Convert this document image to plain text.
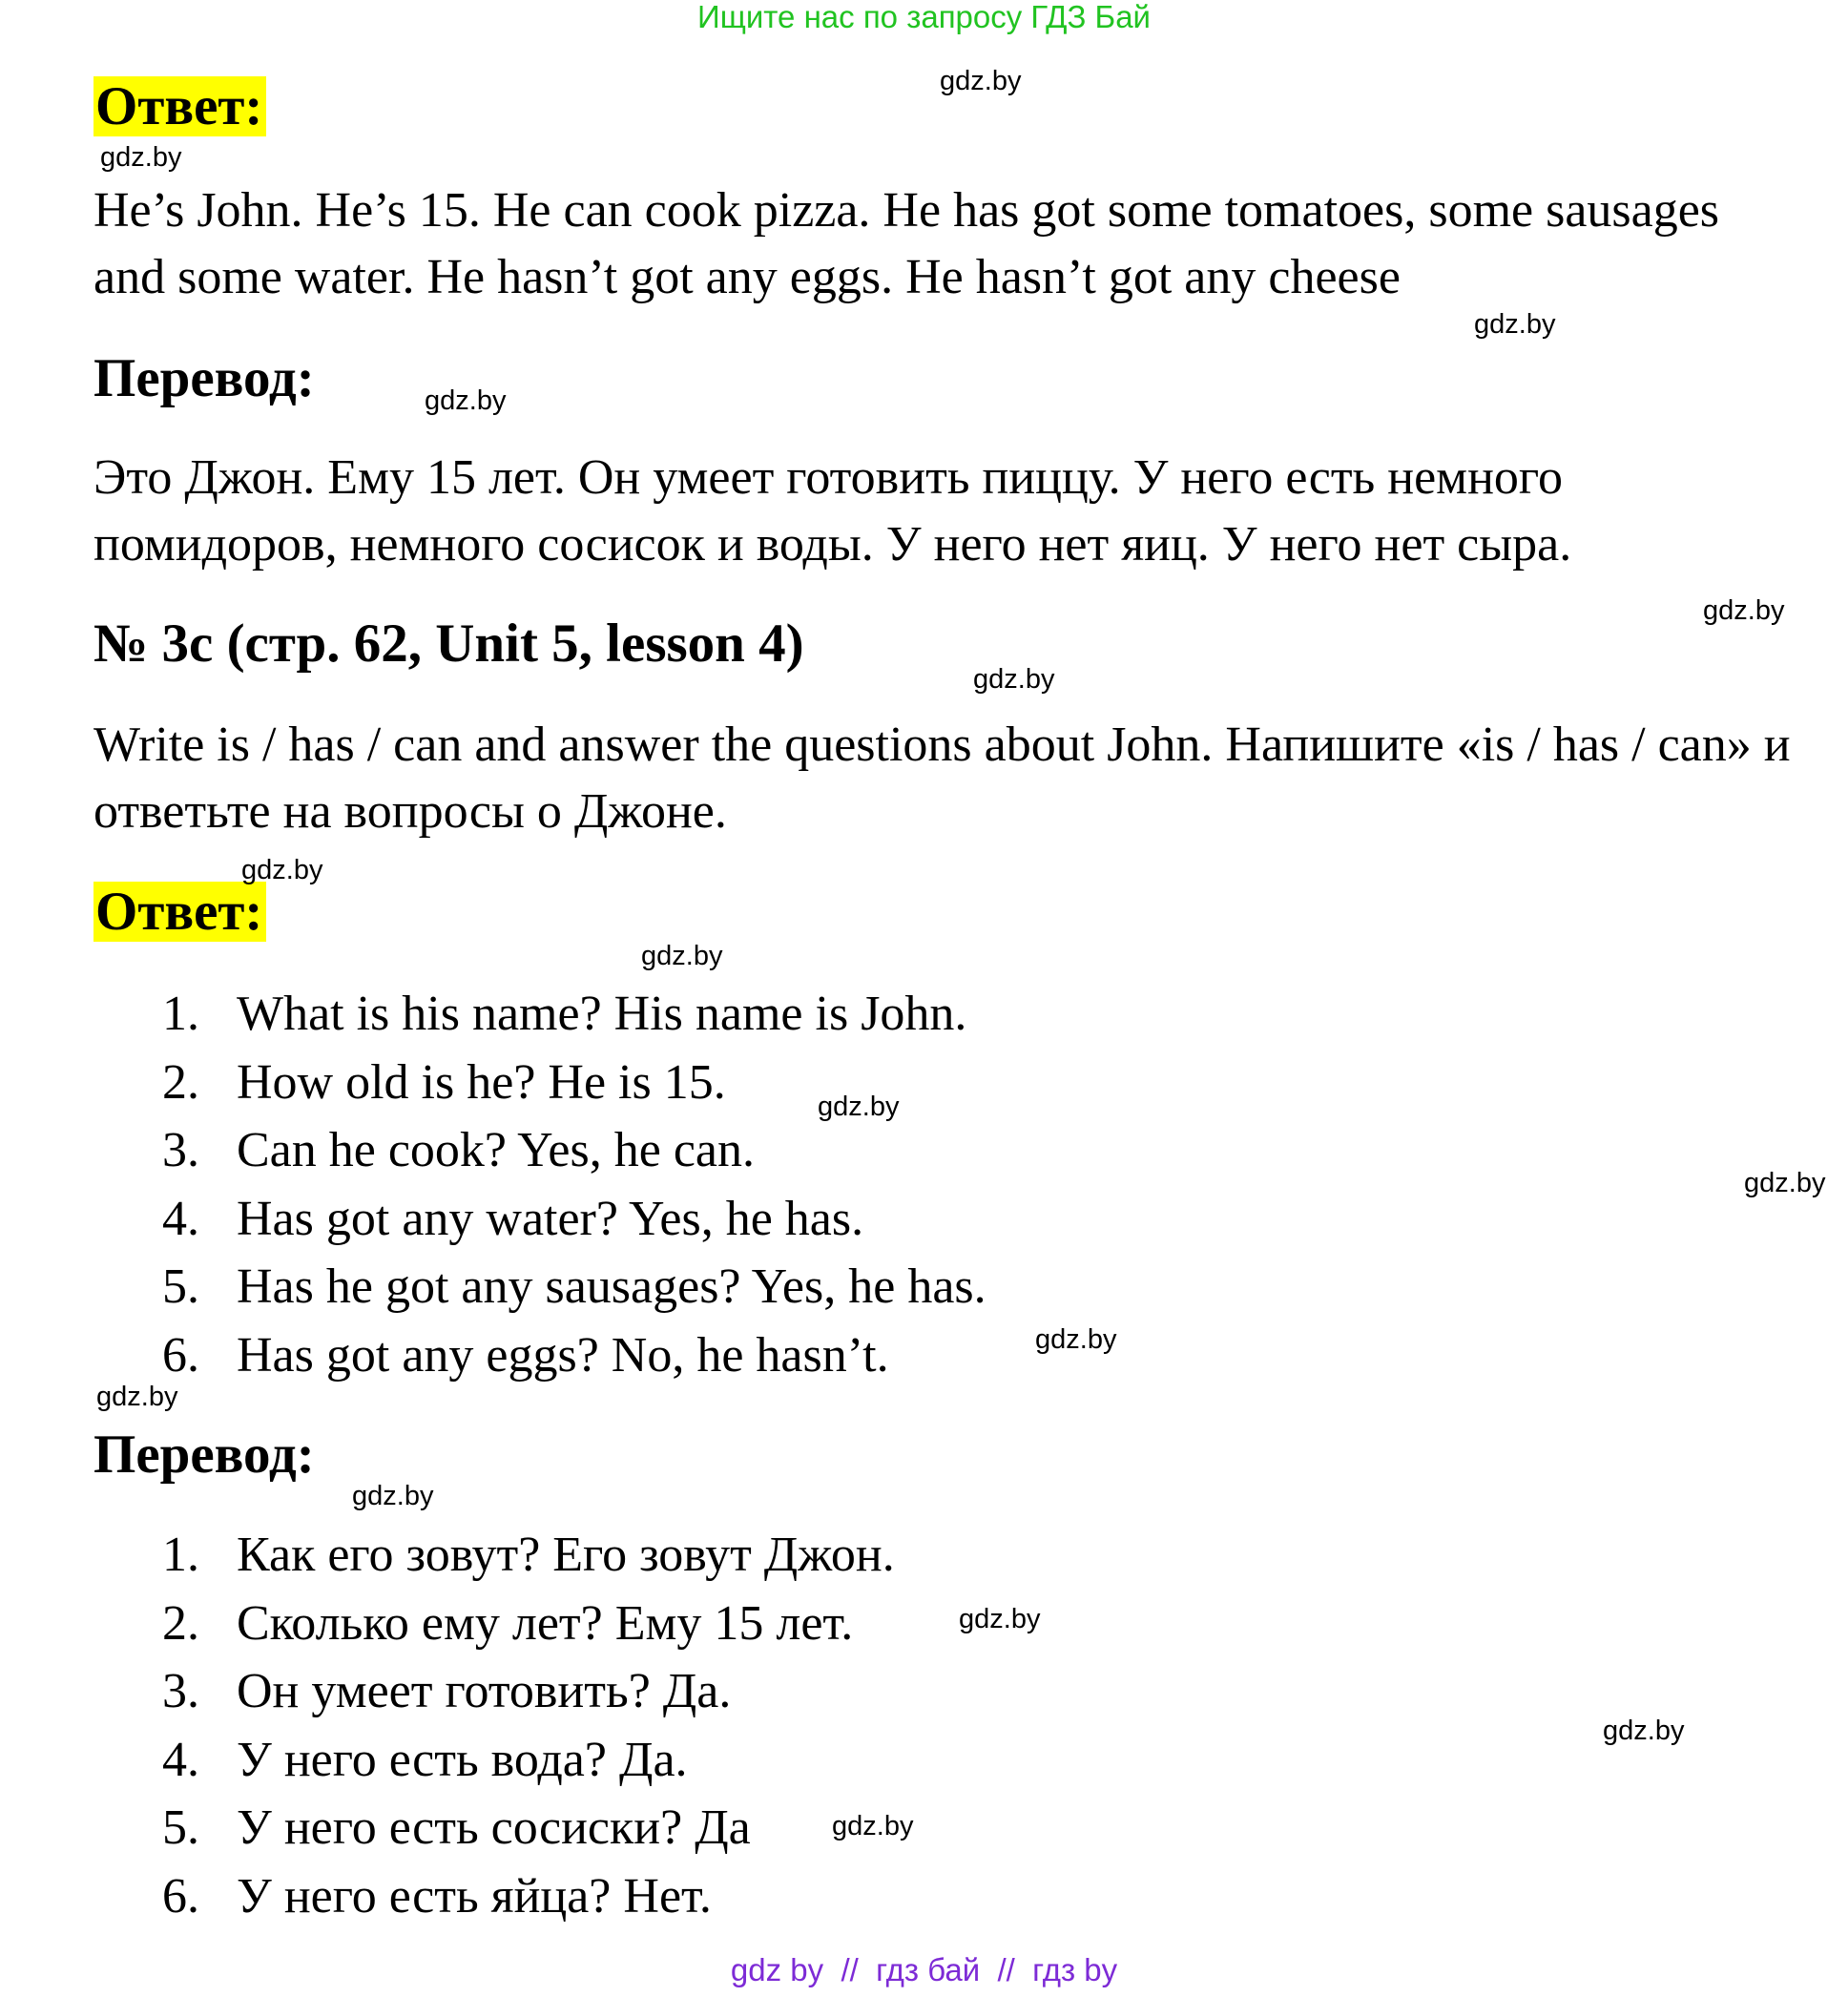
Ищите нас по запросу ГДЗ Бай
Ответ:
He’s John. He’s 15. He can cook pizza. He has got some tomatoes, some sausages and some water. He hasn’t got any eggs. He hasn’t got any cheese
Перевод:
Это Джон. Ему 15 лет. Он умеет готовить пиццу. У него есть немного помидоров, немного сосисок и воды. У него нет яиц. У него нет сыра.
№ 3c (стр. 62, Unit 5, lesson 4)
Write is / has / can and answer the questions about John. Напишите «is / has / can» и ответьте на вопросы о Джоне.
Ответ:
1. What is his name? His name is John.
2. How old is he? He is 15.
3. Can he cook? Yes, he can.
4. Has got any water? Yes, he has.
5. Has he got any sausages? Yes, he has.
6. Has got any eggs? No, he hasn’t.
Перевод:
1. Как его зовут? Его зовут Джон.
2. Сколько ему лет? Ему 15 лет.
3. Он умеет готовить? Да.
4. У него есть вода? Да.
5. У него есть сосиски? Да
6. У него есть яйца? Нет.
gdz.by
gdz.by
gdz.by
gdz.by
gdz.by
gdz.by
gdz.by
gdz.by
gdz.by
gdz.by
gdz.by
gdz.by
gdz.by
gdz.by
gdz.by
gdz.by
gdz by  //  гдз бай  //  гдз by
